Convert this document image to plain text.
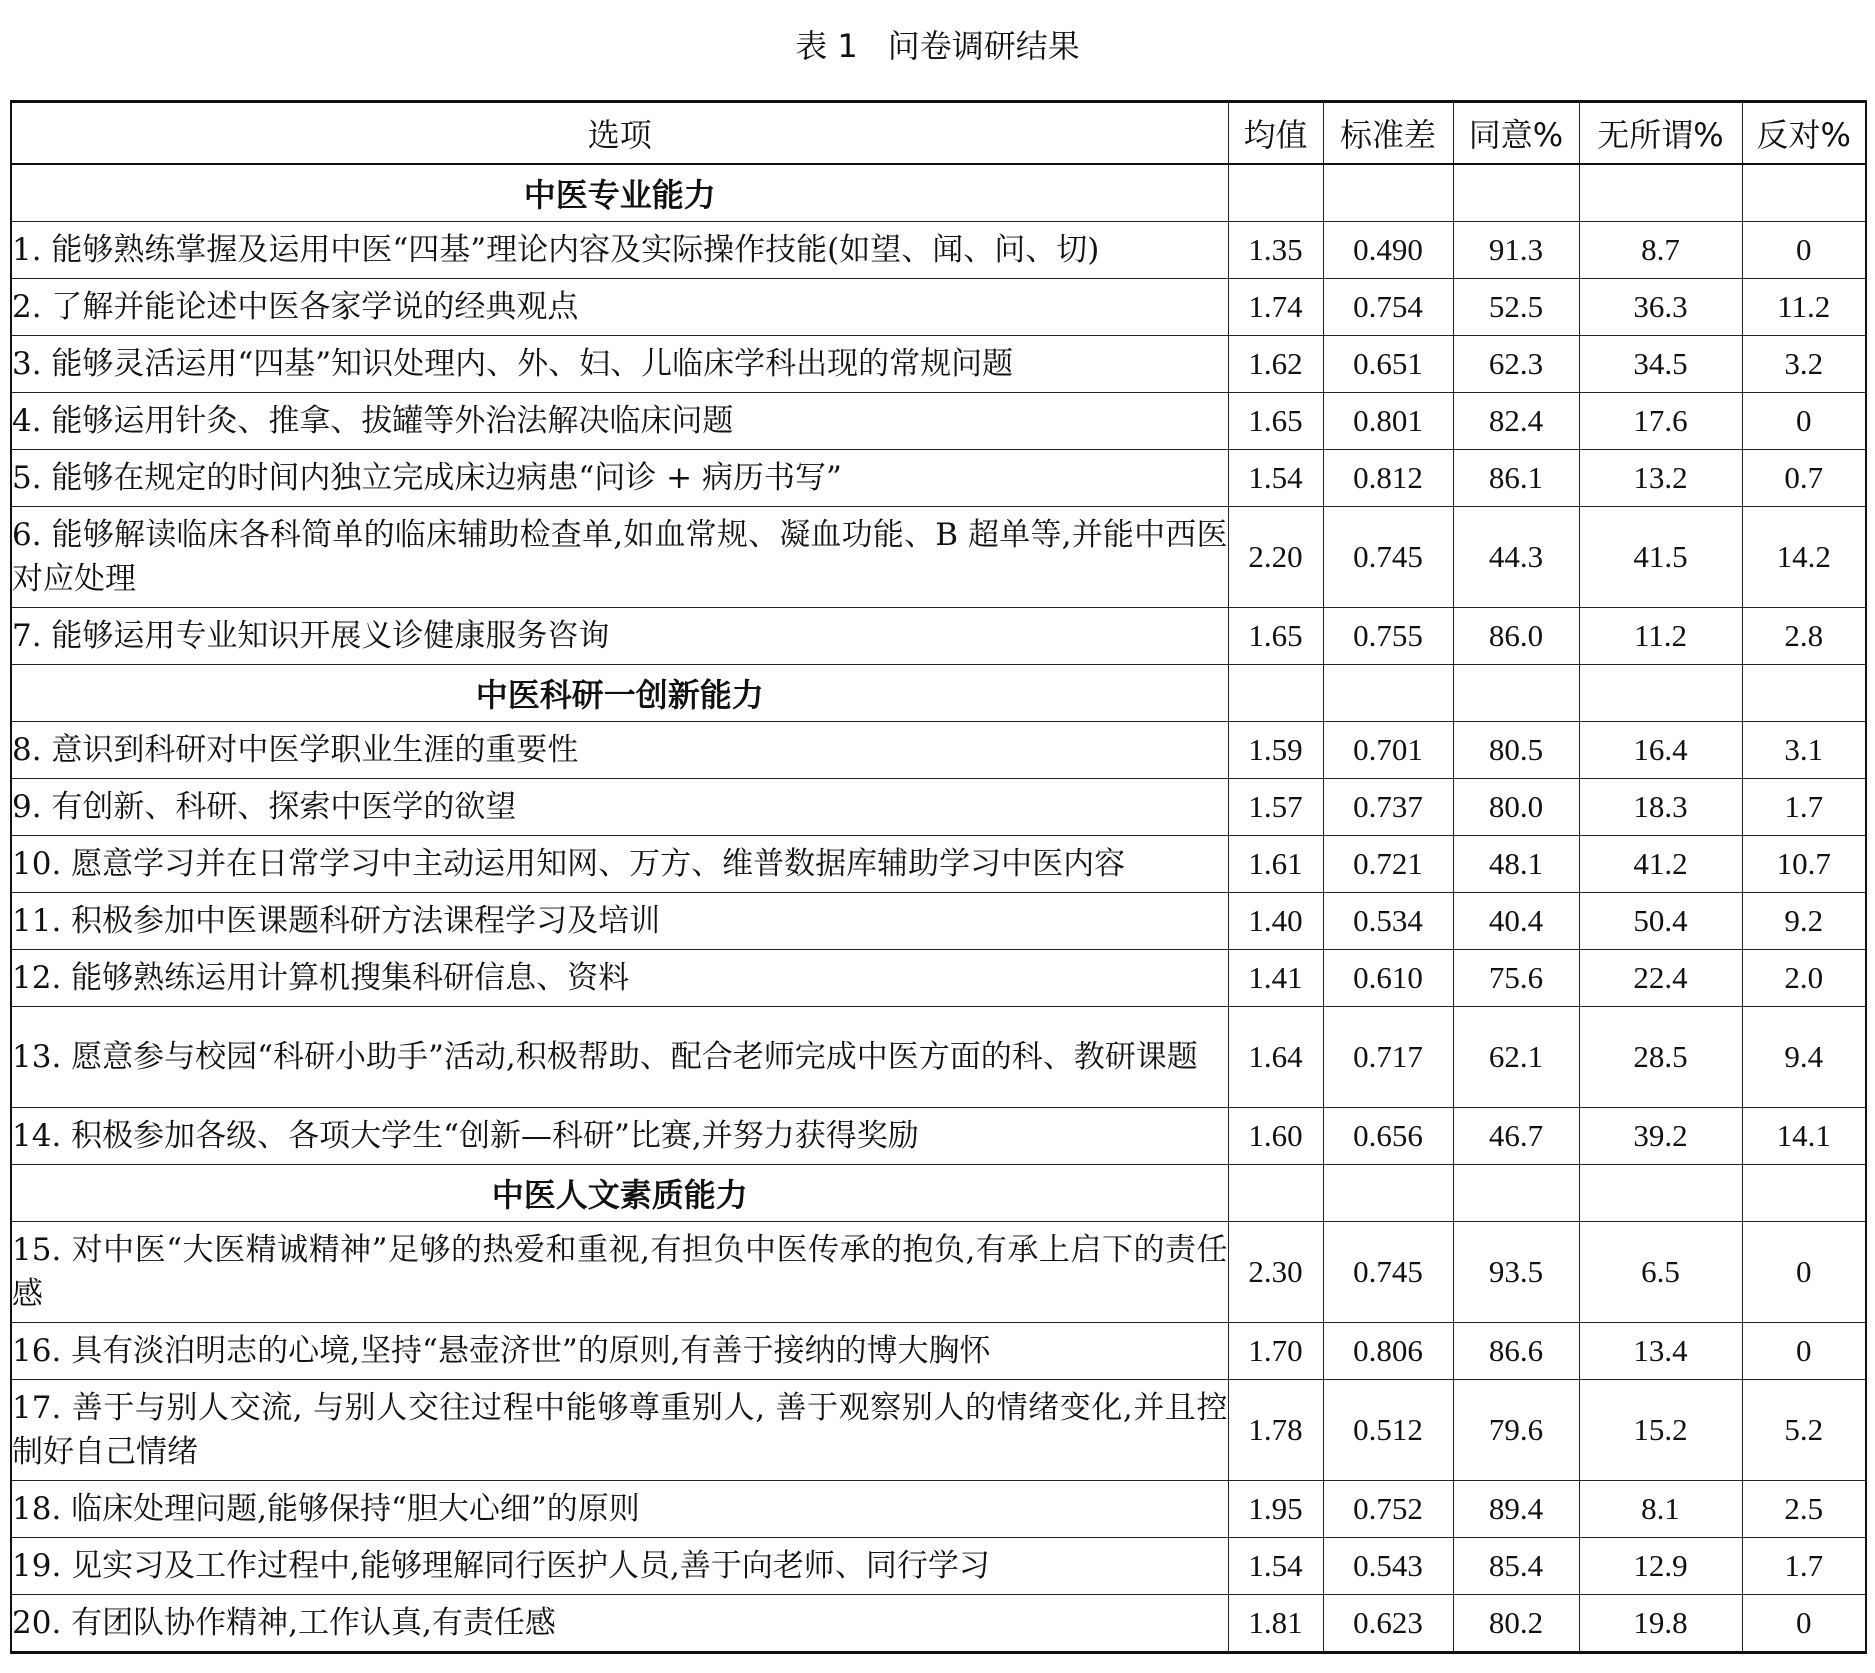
表 1 问卷调研结果
选项	均值	标准差	同意%	无所谓%	反对%
中医专业能力					
1. 能够熟练掌握及运用中医“四基”理论内容及实际操作技能(如望、闻、问、切)	1.35	0.490	91.3	8.7	0
2. 了解并能论述中医各家学说的经典观点	1.74	0.754	52.5	36.3	11.2
3. 能够灵活运用“四基”知识处理内、外、妇、儿临床学科出现的常规问题	1.62	0.651	62.3	34.5	3.2
4. 能够运用针灸、推拿、拔罐等外治法解决临床问题	1.65	0.801	82.4	17.6	0
5. 能够在规定的时间内独立完成床边病患“问诊 + 病历书写”	1.54	0.812	86.1	13.2	0.7
6. 能够解读临床各科简单的临床辅助检查单,如血常规、凝血功能、B 超单等,并能中西医对应处理	2.20	0.745	44.3	41.5	14.2
7. 能够运用专业知识开展义诊健康服务咨询	1.65	0.755	86.0	11.2	2.8
中医科研一创新能力					
8. 意识到科研对中医学职业生涯的重要性	1.59	0.701	80.5	16.4	3.1
9. 有创新、科研、探索中医学的欲望	1.57	0.737	80.0	18.3	1.7
10. 愿意学习并在日常学习中主动运用知网、万方、维普数据库辅助学习中医内容	1.61	0.721	48.1	41.2	10.7
11. 积极参加中医课题科研方法课程学习及培训	1.40	0.534	40.4	50.4	9.2
12. 能够熟练运用计算机搜集科研信息、资料	1.41	0.610	75.6	22.4	2.0
13. 愿意参与校园“科研小助手”活动,积极帮助、配合老师完成中医方面的科、教研课题	1.64	0.717	62.1	28.5	9.4
14. 积极参加各级、各项大学生“创新—科研”比赛,并努力获得奖励	1.60	0.656	46.7	39.2	14.1
中医人文素质能力					
15. 对中医“大医精诚精神”足够的热爱和重视,有担负中医传承的抱负,有承上启下的责任感	2.30	0.745	93.5	6.5	0
16. 具有淡泊明志的心境,坚持“悬壶济世”的原则,有善于接纳的博大胸怀	1.70	0.806	86.6	13.4	0
17. 善于与别人交流, 与别人交往过程中能够尊重别人, 善于观察别人的情绪变化,并且控制好自己情绪	1.78	0.512	79.6	15.2	5.2
18. 临床处理问题,能够保持“胆大心细”的原则	1.95	0.752	89.4	8.1	2.5
19. 见实习及工作过程中,能够理解同行医护人员,善于向老师、同行学习	1.54	0.543	85.4	12.9	1.7
20. 有团队协作精神,工作认真,有责任感	1.81	0.623	80.2	19.8	0
